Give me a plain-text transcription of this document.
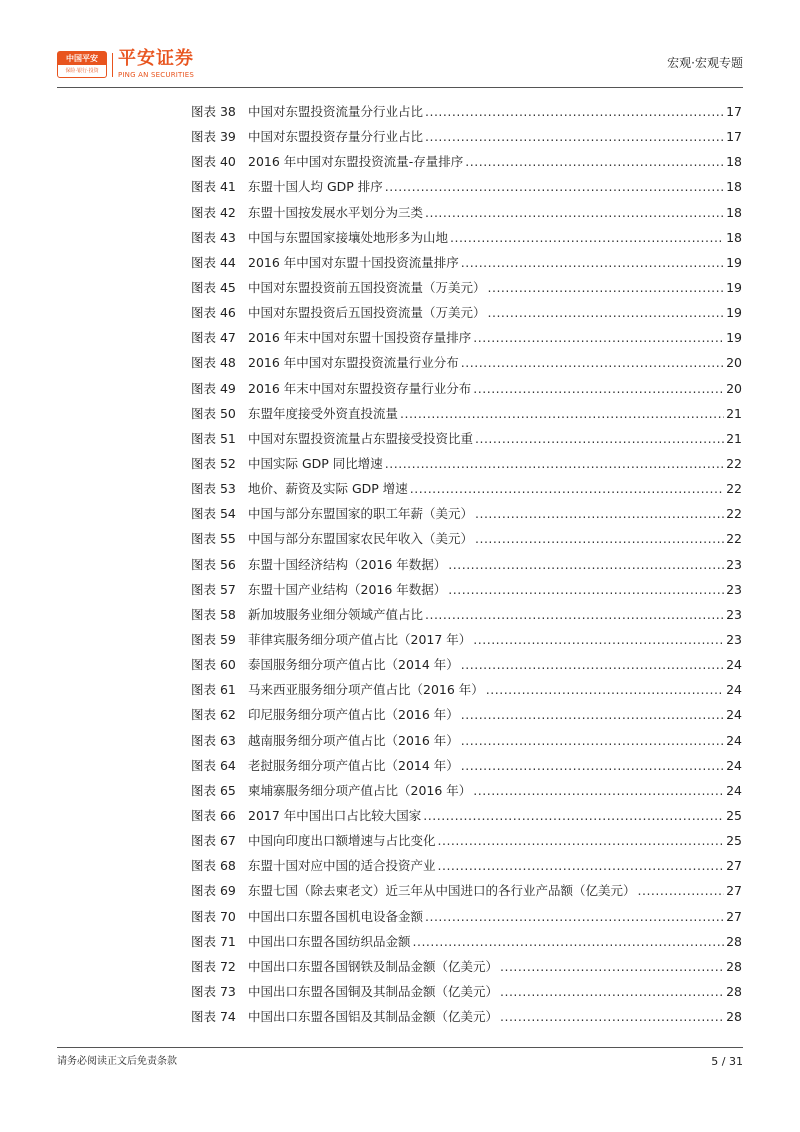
中国平安
保险·银行·投资
平安证券
PING AN SECURITIES
宏观·宏观专题
图表 38 中国对东盟投资流量分行业占比 .....	17
图表 39 中国对东盟投资存量分行业占比 .....	17
图表 40 2016 年中国对东盟投资流量-存量排序 .....	18
图表 41 东盟十国人均 GDP 排序 .....	18
图表 42 东盟十国按发展水平划分为三类 .....	18
图表 43 中国与东盟国家接壤处地形多为山地 .....	18
图表 44 2016 年中国对东盟十国投资流量排序 .....	19
图表 45 中国对东盟投资前五国投资流量（万美元） .....	19
图表 46 中国对东盟投资后五国投资流量（万美元） .....	19
图表 47 2016 年末中国对东盟十国投资存量排序 .....	19
图表 48 2016 年中国对东盟投资流量行业分布 .....	20
图表 49 2016 年末中国对东盟投资存量行业分布 .....	20
图表 50 东盟年度接受外资直投流量 .....	21
图表 51 中国对东盟投资流量占东盟接受投资比重 .....	21
图表 52 中国实际 GDP 同比增速 .....	22
图表 53 地价、薪资及实际 GDP 增速 .....	22
图表 54 中国与部分东盟国家的职工年薪（美元） .....	22
图表 55 中国与部分东盟国家农民年收入（美元） .....	22
图表 56 东盟十国经济结构（2016 年数据） .....	23
图表 57 东盟十国产业结构（2016 年数据） .....	23
图表 58 新加坡服务业细分领域产值占比 .....	23
图表 59 菲律宾服务细分项产值占比（2017 年） .....	23
图表 60 泰国服务细分项产值占比（2014 年） .....	24
图表 61 马来西亚服务细分项产值占比（2016 年） .....	24
图表 62 印尼服务细分项产值占比（2016 年） .....	24
图表 63 越南服务细分项产值占比（2016 年） .....	24
图表 64 老挝服务细分项产值占比（2014 年） .....	24
图表 65 柬埔寨服务细分项产值占比（2016 年） .....	24
图表 66 2017 年中国出口占比较大国家 .....	25
图表 67 中国向印度出口额增速与占比变化 .....	25
图表 68 东盟十国对应中国的适合投资产业 .....	27
图表 69 东盟七国（除去柬老文）近三年从中国进口的各行业产品额（亿美元） .....	27
图表 70 中国出口东盟各国机电设备金额 .....	27
图表 71 中国出口东盟各国纺织品金额 .....	28
图表 72 中国出口东盟各国钢铁及制品金额（亿美元） .....	28
图表 73 中国出口东盟各国铜及其制品金额（亿美元） .....	28
图表 74 中国出口东盟各国铝及其制品金额（亿美元） .....	28
请务必阅读正文后免责条款	5 / 31
